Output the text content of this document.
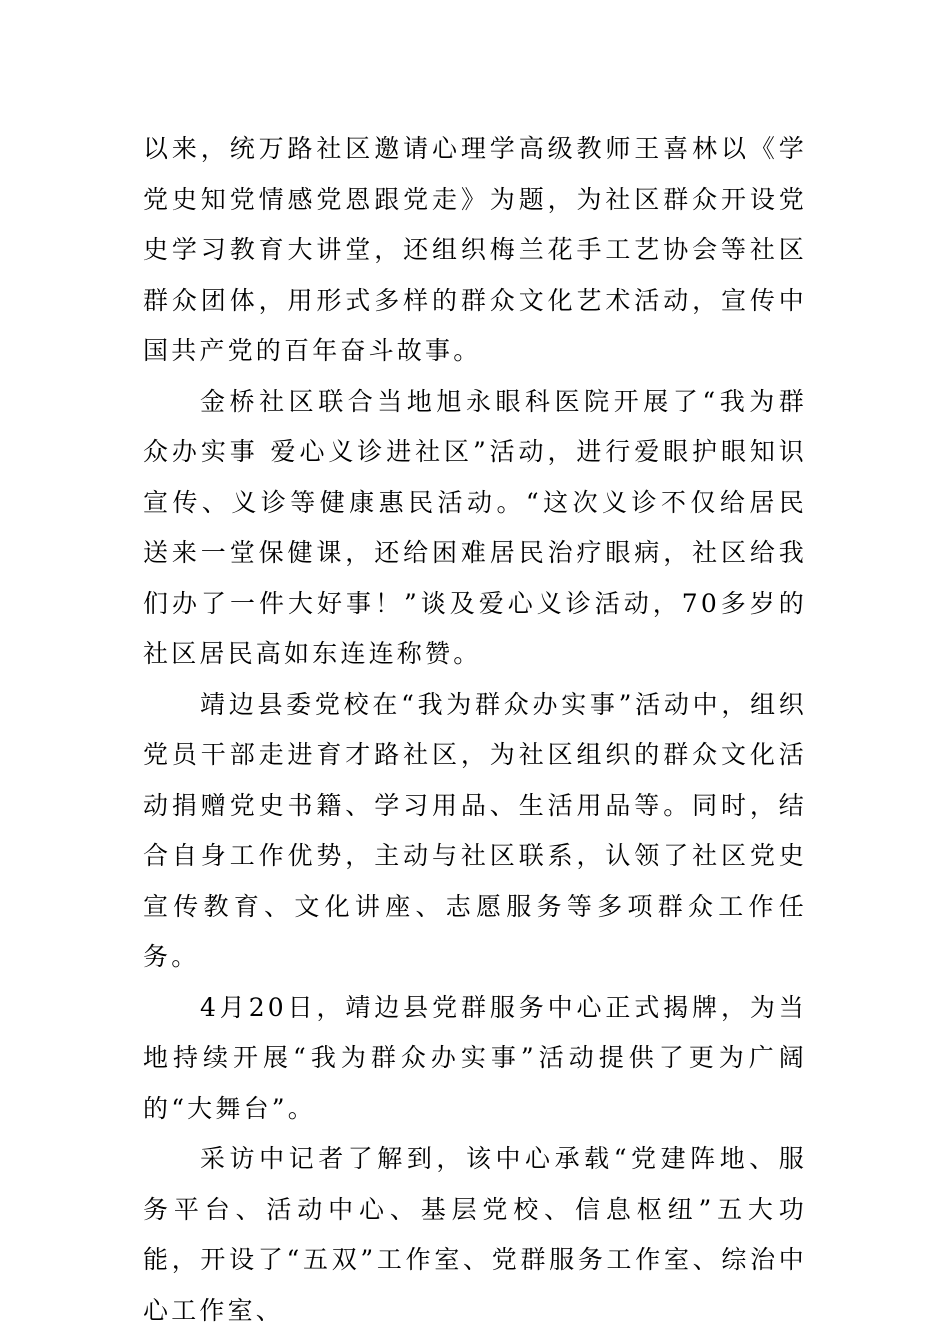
以来，统万路社区邀请心理学高级教师王喜林以《学党史知党情感党恩跟党走》为题，为社区群众开设党史学习教育大讲堂，还组织梅兰花手工艺协会等社区群众团体，用形式多样的群众文化艺术活动，宣传中国共产党的百年奋斗故事。

金桥社区联合当地旭永眼科医院开展了“我为群众办实事 爱心义诊进社区”活动，进行爱眼护眼知识宣传、义诊等健康惠民活动。“这次义诊不仅给居民送来一堂保健课，还给困难居民治疗眼病，社区给我们办了一件大好事！”谈及爱心义诊活动，70多岁的社区居民高如东连连称赞。

靖边县委党校在“我为群众办实事”活动中，组织党员干部走进育才路社区，为社区组织的群众文化活动捐赠党史书籍、学习用品、生活用品等。同时，结合自身工作优势，主动与社区联系，认领了社区党史宣传教育、文化讲座、志愿服务等多项群众工作任务。

4月20日，靖边县党群服务中心正式揭牌，为当地持续开展“我为群众办实事”活动提供了更为广阔的“大舞台”。

采访中记者了解到，该中心承载“党建阵地、服务平台、活动中心、基层党校、信息枢纽”五大功能，开设了“五双”工作室、党群服务工作室、综治中心工作室、
